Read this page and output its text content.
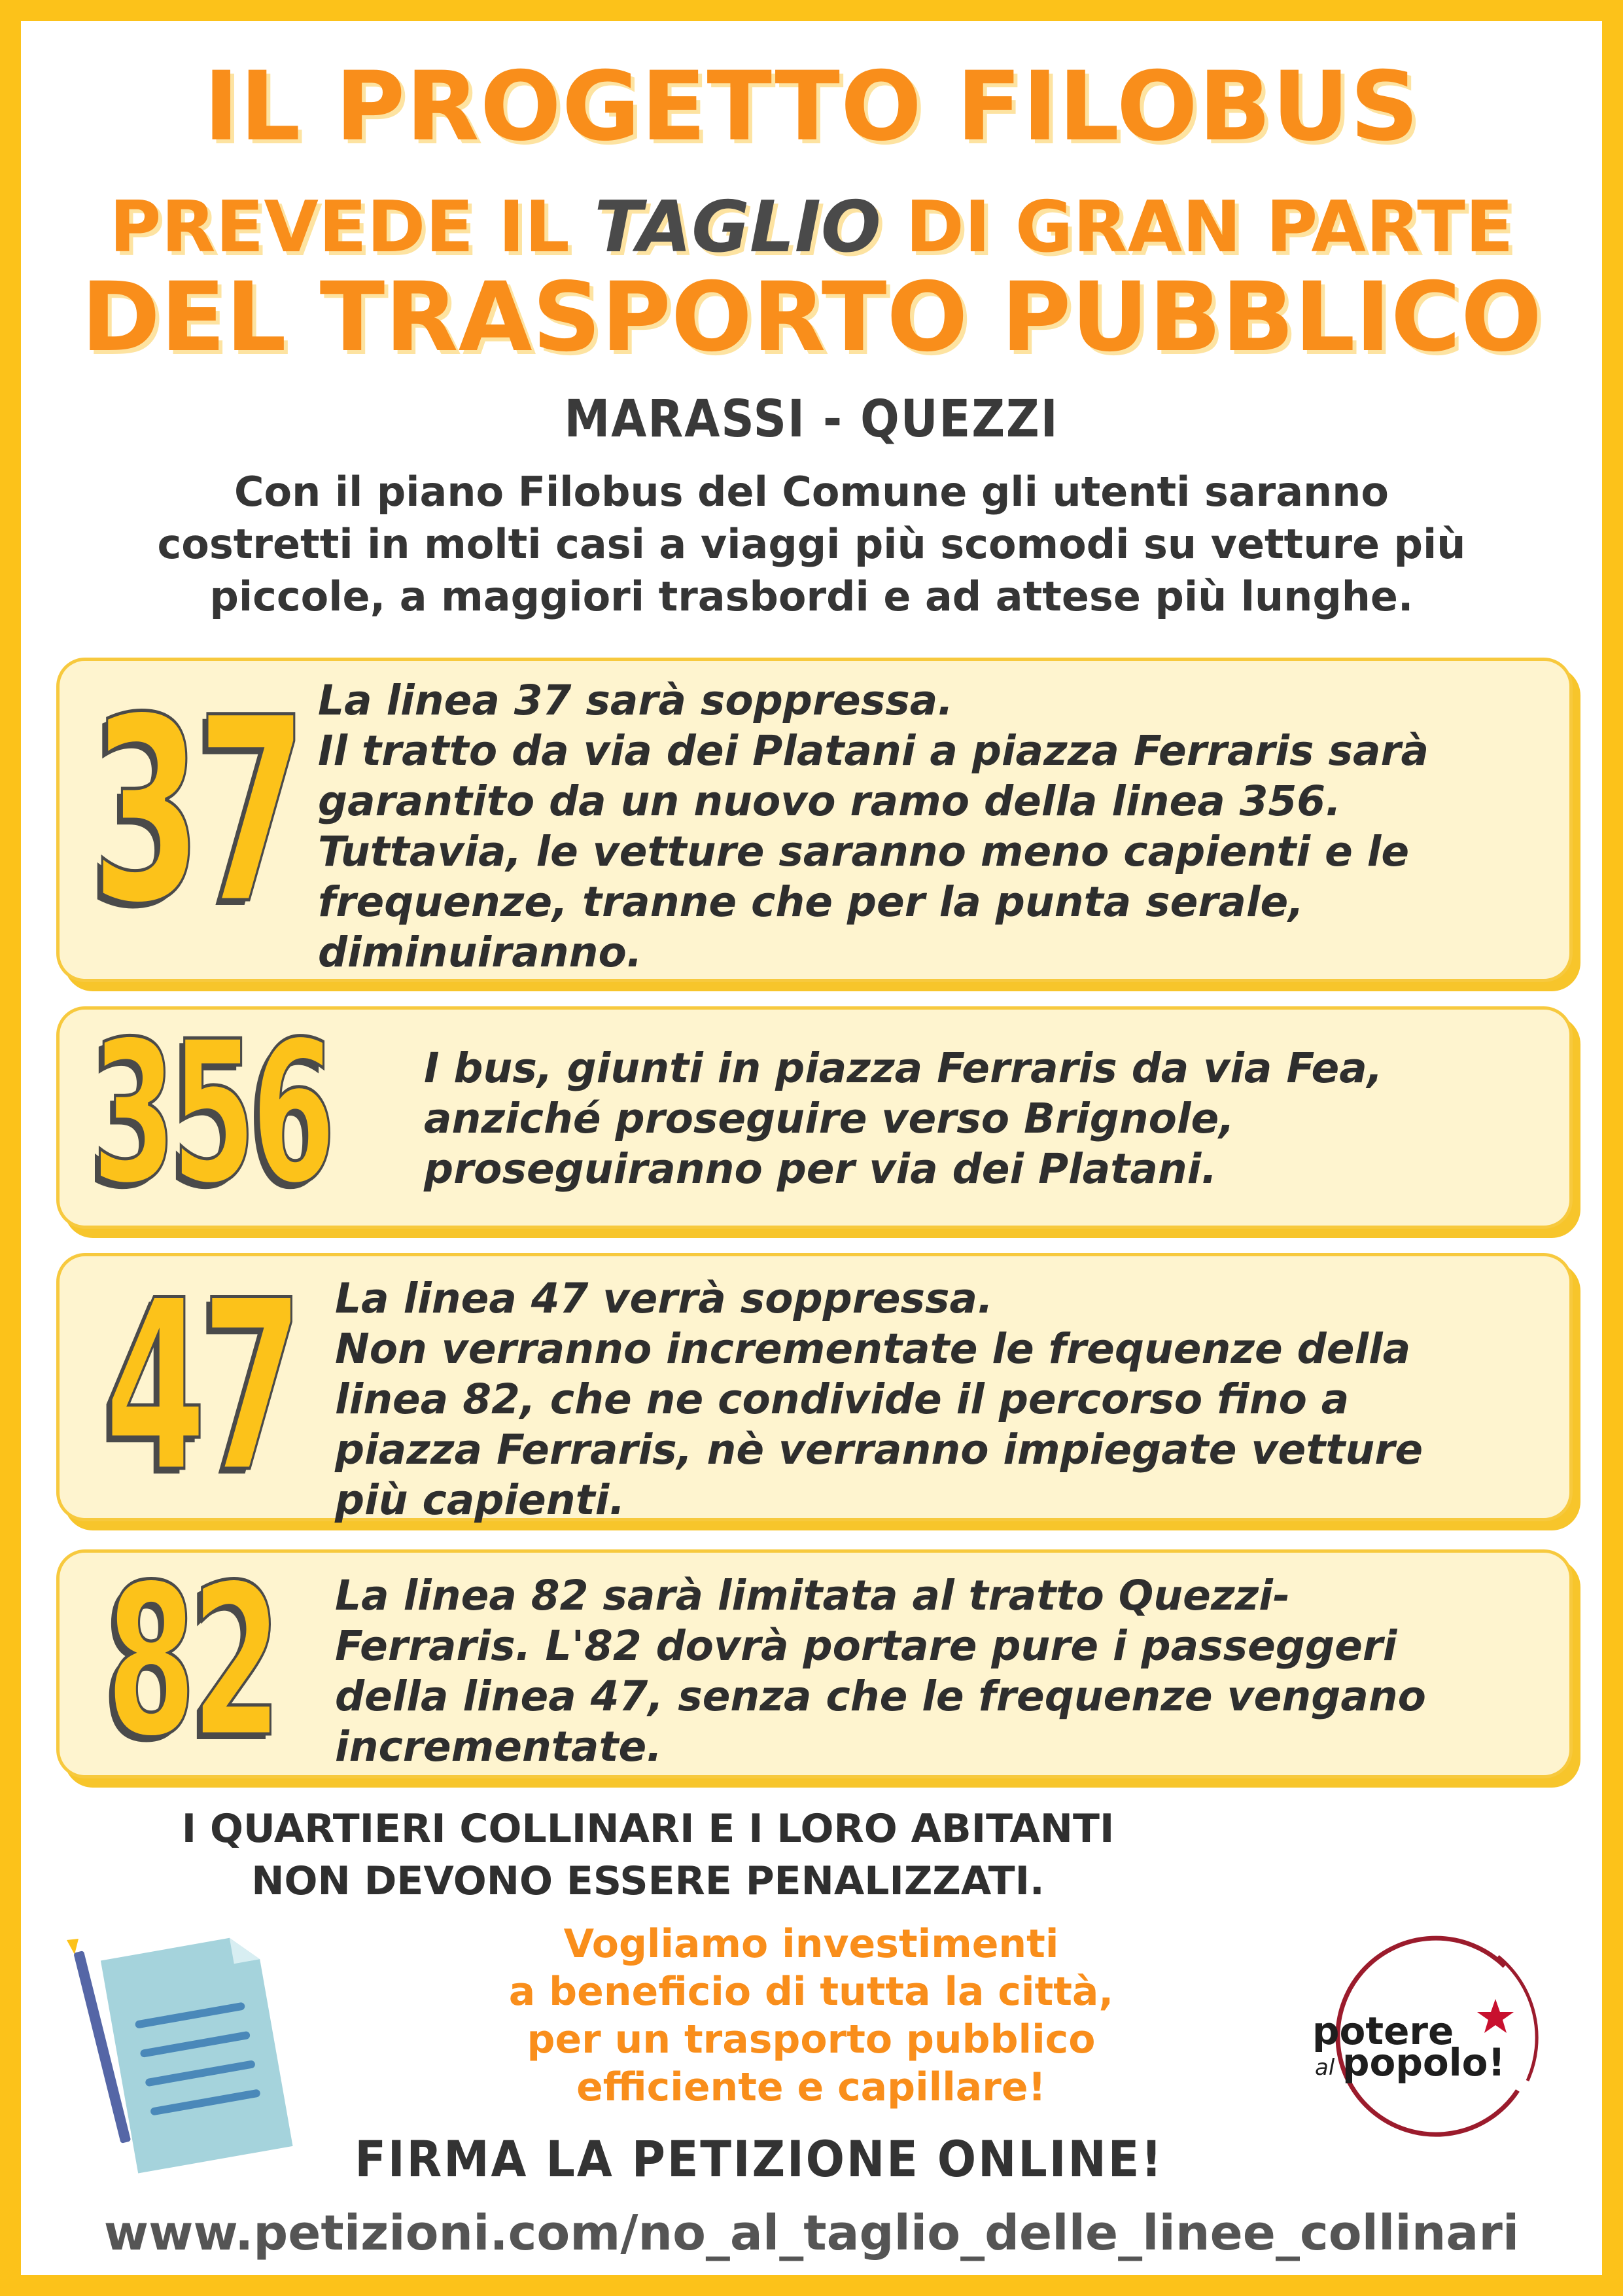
IL PROGETTO FILOBUS
PREVEDE IL TAGLIO DI GRAN PARTE
DEL TRASPORTO PUBBLICO
MARASSI - QUEZZI
Con il piano Filobus del Comune gli utenti saranno
costretti in molti casi a viaggi più scomodi su vetture più
piccole, a maggiori trasbordi e ad attese più lunghe.
37 La linea 37 sarà soppressa.
Il tratto da via dei Platani a piazza Ferraris sarà
garantito da un nuovo ramo della linea 356.
Tuttavia, le vetture saranno meno capienti e le
frequenze, tranne che per la punta serale,
diminuiranno.
356 I bus, giunti in piazza Ferraris da via Fea,
anziché proseguire verso Brignole,
proseguiranno per via dei Platani.
47 La linea 47 verrà soppressa.
Non verranno incrementate le frequenze della
linea 82, che ne condivide il percorso fino a
piazza Ferraris, nè verranno impiegate vetture
più capienti.
82 La linea 82 sarà limitata al tratto Quezzi-
Ferraris. L'82 dovrà portare pure i passeggeri
della linea 47, senza che le frequenze vengano
incrementate.
I QUARTIERI COLLINARI E I LORO ABITANTI
NON DEVONO ESSERE PENALIZZATI.
Vogliamo investimenti
a beneficio di tutta la città,
per un trasporto pubblico
efficiente e capillare!
potere
al popolo!
FIRMA LA PETIZIONE ONLINE!
www.petizioni.com/no_al_taglio_delle_linee_collinari
